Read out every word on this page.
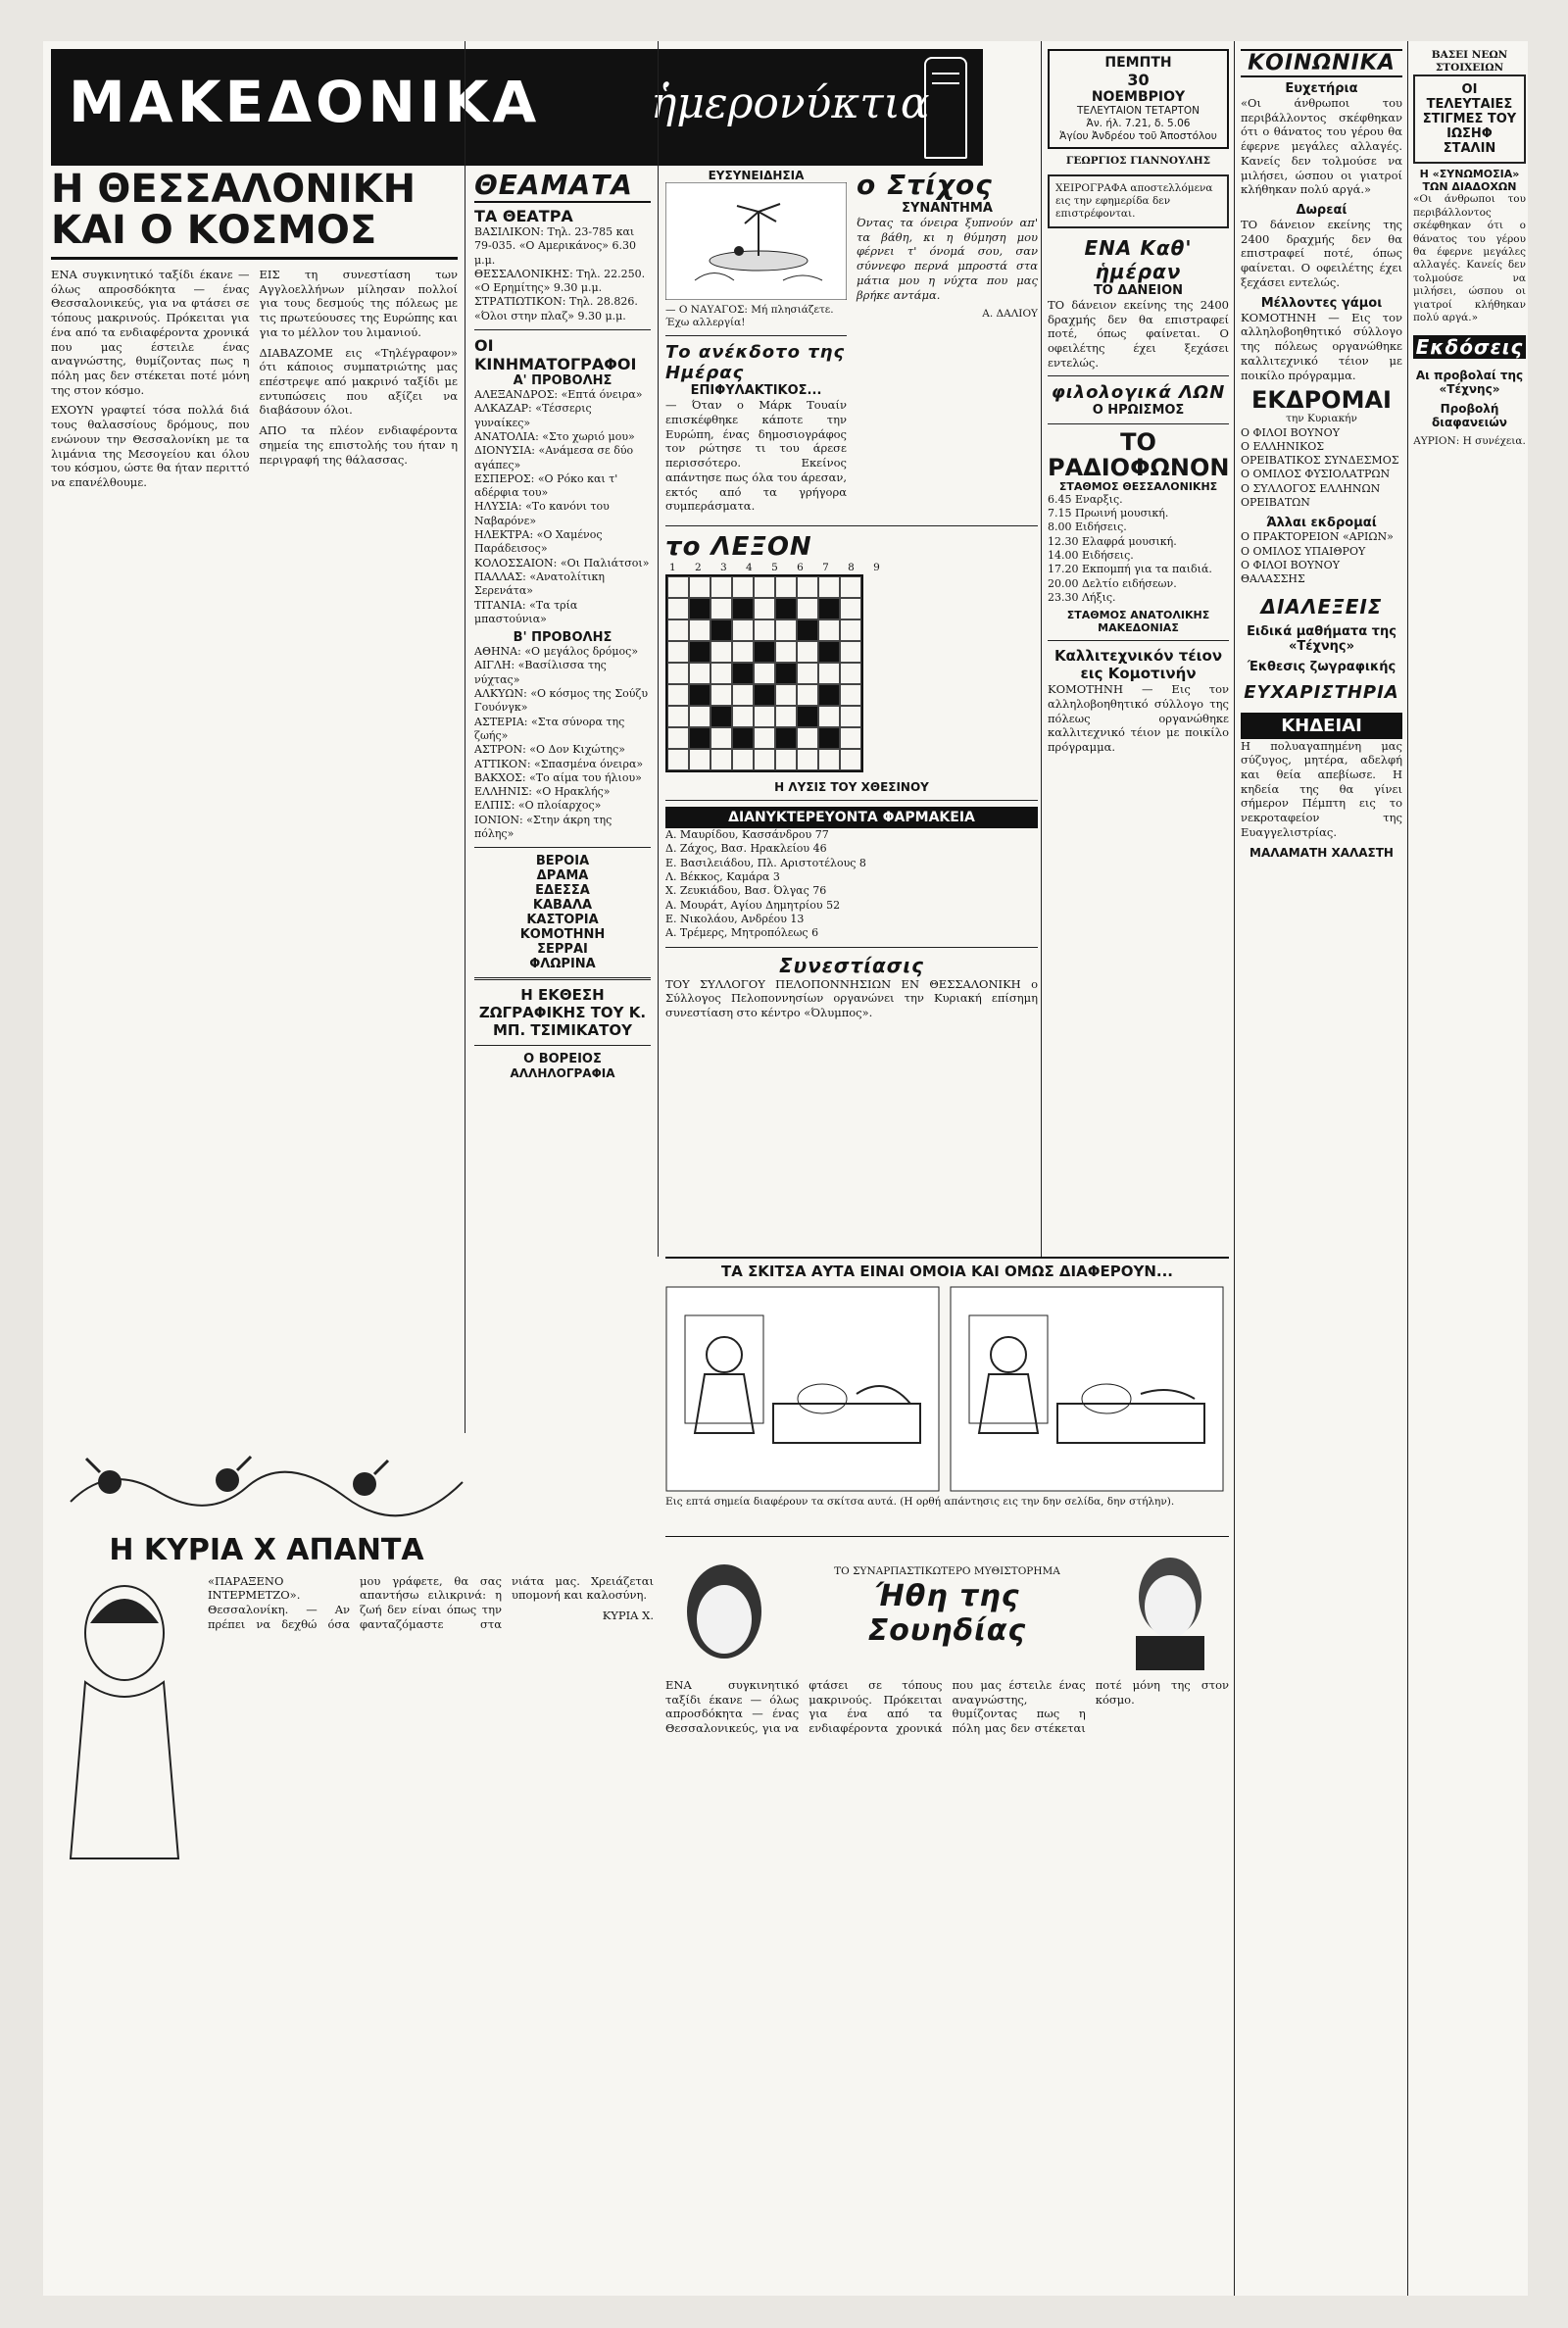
ΜΑΚΕΔΟΝΙΚΑ	ἡμερονύκτια
Η ΘΕΣΣΑΛΟΝΙΚΗ ΚΑΙ Ο ΚΟΣΜΟΣ

ΕΝΑ συγκινητικό ταξίδι έκανε — όλως απροσδόκητα — ένας Θεσσαλονικεύς, για να φτάσει σε τόπους μακρινούς. Πρόκειται για ένα από τα ενδιαφέροντα χρονικά που μας έστειλε ένας αναγνώστης, θυμίζοντας πως η πόλη μας δεν στέκεται ποτέ μόνη της στον κόσμο.

ΕΧΟΥΝ γραφτεί τόσα πολλά διά τους θαλασσίους δρόμους, που ενώνουν την Θεσσαλονίκη με τα λιμάνια της Μεσογείου και όλου του κόσμου, ώστε θα ήταν περιττό να επανέλθουμε.

ΕΙΣ τη συνεστίαση των Αγγλοελλήνων μίλησαν πολλοί για τους δεσμούς της πόλεως με τις πρωτεύουσες της Ευρώπης και για το μέλλον του λιμανιού.

ΔΙΑΒΑΖΟΜΕ εις «Τηλέγραφον» ότι κάποιος συμπατριώτης μας επέστρεψε από μακρινό ταξίδι με εντυπώσεις που αξίζει να διαβάσουν όλοι.

ΑΠΟ τα πλέον ενδιαφέροντα σημεία της επιστολής του ήταν η περιγραφή της θάλασσας.

Η ΚΥΡΙΑ Χ ΑΠΑΝΤΑ

«ΠΑΡΑΞΕΝΟ ΙΝΤΕΡΜΕΤΖΟ». Θεσσαλονίκη. — Αν πρέπει να δεχθώ όσα μου γράφετε, θα σας απαντήσω ειλικρινά: η ζωή δεν είναι όπως την φανταζόμαστε στα νιάτα μας. Χρειάζεται υπομονή και καλοσύνη.

ΚΥΡΙΑ Χ.

ΘΕΑΜΑΤΑ
ΤΑ ΘΕΑΤΡΑ
ΒΑΣΙΛΙΚΟΝ: Τηλ. 23-785 και 79-035. «Ο Αμερικάνος» 6.30 μ.μ.
ΘΕΣΣΑΛΟΝΙΚΗΣ: Τηλ. 22.250. «Ο Ερημίτης» 9.30 μ.μ.
ΣΤΡΑΤΙΩΤΙΚΟΝ: Τηλ. 28.826. «Όλοι στην πλαζ» 9.30 μ.μ.
ΟΙ ΚΙΝΗΜΑΤΟΓΡΑΦΟΙ
Α' ΠΡΟΒΟΛΗΣ
ΑΛΕΞΑΝΔΡΟΣ: «Επτά όνειρα»
ΑΛΚΑΖΑΡ: «Τέσσερις γυναίκες»
ΑΝΑΤΟΛΙΑ: «Στο χωριό μου»
ΔΙΟΝΥΣΙΑ: «Ανάμεσα σε δύο αγάπες»
ΕΣΠΕΡΟΣ: «Ο Ρόκο και τ' αδέρφια του»
ΗΛΥΣΙΑ: «Το κανόνι του Ναβαρόνε»
ΗΛΕΚΤΡΑ: «Ο Χαμένος Παράδεισος»
ΚΟΛΟΣΣΑΙΟΝ: «Οι Παλιάτσοι»
ΠΑΛΛΑΣ: «Ανατολίτικη Σερενάτα»
ΤΙΤΑΝΙΑ: «Τα τρία μπαστούνια»
Β' ΠΡΟΒΟΛΗΣ
ΑΘΗΝΑ: «Ο μεγάλος δρόμος»
ΑΙΓΛΗ: «Βασίλισσα της νύχτας»
ΑΛΚΥΩΝ: «Ο κόσμος της Σούζυ Γουόνγκ»
ΑΣΤΕΡΙΑ: «Στα σύνορα της ζωής»
ΑΣΤΡΟΝ: «Ο Δον Κιχώτης»
ΑΤΤΙΚΟΝ: «Σπασμένα όνειρα»
ΒΑΚΧΟΣ: «Το αίμα του ήλιου»
ΕΛΛΗΝΙΣ: «Ο Ηρακλής»
ΕΛΠΙΣ: «Ο πλοίαρχος»
ΙΟΝΙΟΝ: «Στην άκρη της πόλης»
ΒΕΡΟΙΑ
ΔΡΑΜΑ
ΕΔΕΣΣΑ
ΚΑΒΑΛΑ
ΚΑΣΤΟΡΙΑ
ΚΟΜΟΤΗΝΗ
ΣΕΡΡΑΙ
ΦΛΩΡΙΝΑ
Η ΕΚΘΕΣΗ ΖΩΓΡΑΦΙΚΗΣ ΤΟΥ Κ. ΜΠ. ΤΣΙΜΙΚΑΤΟΥ
Ο ΒΟΡΕΙΟΣ
ΑΛΛΗΛΟΓΡΑΦΙΑ
ΕΥΣΥΝΕΙΔΗΣΙΑ
— Ο ΝΑΥΑΓΟΣ: Μή πλησιάζετε. Έχω αλλεργία!
Το ανέκδοτο της Ημέρας
ΕΠΙΦΥΛΑΚΤΙΚΟΣ...

— Όταν ο Μάρκ Τουαίν επισκέφθηκε κάποτε την Ευρώπη, ένας δημοσιογράφος τον ρώτησε τι του άρεσε περισσότερο. Εκείνος απάντησε πως όλα του άρεσαν, εκτός από τα γρήγορα συμπεράσματα.

ο Στίχος
ΣΥΝΑΝΤΗΜΑ

Όντας τα όνειρα ξυπνούν απ' τα βάθη, κι η θύμηση μου φέρνει τ' όνομά σου, σαν σύννεφο περνά μπροστά στα μάτια μου η νύχτα που μας βρήκε αντάμα.

Α. ΔΑΛΙΟΥ
το ΛΕΞΟΝ
1 2 3 4 5 6 7 8 9
Η ΛΥΣΙΣ ΤΟΥ ΧΘΕΣΙΝΟΥ
ΔΙΑΝΥΚΤΕΡΕΥΟΝΤΑ ΦΑΡΜΑΚΕΙΑ
Α. Μαυρίδου, Κασσάνδρου 77
Δ. Ζάχος, Βασ. Ηρακλείου 46
Ε. Βασιλειάδου, Πλ. Αριστοτέλους 8
Λ. Βέκκος, Καμάρα 3
Χ. Ζευκιάδου, Βασ. Όλγας 76
Α. Μουράτ, Αγίου Δημητρίου 52
Ε. Νικολάου, Ανδρέου 13
Α. Τρέμερς, Μητροπόλεως 6
Συνεστίασις

ΤΟΥ ΣΥΛΛΟΓΟΥ ΠΕΛΟΠΟΝΝΗΣΙΩΝ ΕΝ ΘΕΣΣΑΛΟΝΙΚΗ ο Σύλλογος Πελοποννησίων οργανώνει την Κυριακή επίσημη συνεστίαση στο κέντρο «Όλυμπος».

ΠΕΜΠΤΗ
30
ΝΟΕΜΒΡΙΟΥ
ΤΕΛΕΥΤΑΙΟΝ ΤΕΤΑΡΤΟΝ
Άν. ήλ. 7.21, δ. 5.06
Ἁγίου Ἀνδρέου τοῦ Ἀποστόλου
ΓΕΩΡΓΙΟΣ ΓΙΑΝΝΟΥΛΗΣ
ΧΕΙΡΟΓΡΑΦΑ αποστελλόμενα εις την εφημερίδα δεν επιστρέφονται.
ΕΝΑ Καθ' ἡμέραν
ΤΟ ΔΑΝΕΙΟΝ

ΤΟ δάνειον εκείνης της 2400 δραχμής δεν θα επιστραφεί ποτέ, όπως φαίνεται. Ο οφειλέτης έχει ξεχάσει εντελώς.

φιλολογικά ΛΩΝ
Ο ΗΡΩΙΣΜΟΣ
ΤΟ ΡΑΔΙΟΦΩΝΟΝ
ΣΤΑΘΜΟΣ ΘΕΣΣΑΛΟΝΙΚΗΣ
6.45 Εναρξις.
7.15 Πρωινή μουσική.
8.00 Ειδήσεις.
12.30 Ελαφρά μουσική.
14.00 Ειδήσεις.
17.20 Εκπομπή για τα παιδιά.
20.00 Δελτίο ειδήσεων.
23.30 Λήξις.
ΣΤΑΘΜΟΣ ΑΝΑΤΟΛΙΚΗΣ ΜΑΚΕΔΟΝΙΑΣ
Καλλιτεχνικόν τέιον εις Κομοτινήν

ΚΟΜΟΤΗΝΗ — Εις τον αλληλοβοηθητικό σύλλογο της πόλεως οργανώθηκε καλλιτεχνικό τέιον με ποικίλο πρόγραμμα.

ΤΑ ΣΚΙΤΣΑ ΑΥΤΑ ΕΙΝΑΙ ΟΜΟΙΑ ΚΑΙ ΟΜΩΣ ΔΙΑΦΕΡΟΥΝ...
Εις επτά σημεία διαφέρουν τα σκίτσα αυτά. (Η ορθή απάντησις εις την δην σελίδα, δην στήλην).
ΤΟ ΣΥΝΑΡΠΑΣΤΙΚΩΤΕΡΟ ΜΥΘΙΣΤΟΡΗΜΑ
Ήθη της Σουηδίας

ΕΝΑ συγκινητικό ταξίδι έκανε — όλως απροσδόκητα — ένας Θεσσαλονικεύς, για να φτάσει σε τόπους μακρινούς. Πρόκειται για ένα από τα ενδιαφέροντα χρονικά που μας έστειλε ένας αναγνώστης, θυμίζοντας πως η πόλη μας δεν στέκεται ποτέ μόνη της στον κόσμο.

ΚΟΙΝΩΝΙΚΑ
Ευχετήρια

«Οι άνθρωποι του περιβάλλοντος σκέφθηκαν ότι ο θάνατος του γέρου θα έφερνε μεγάλες αλλαγές. Κανείς δεν τολμούσε να μιλήσει, ώσπου οι γιατροί κλήθηκαν πολύ αργά.»

Δωρεαί

ΤΟ δάνειον εκείνης της 2400 δραχμής δεν θα επιστραφεί ποτέ, όπως φαίνεται. Ο οφειλέτης έχει ξεχάσει εντελώς.

Μέλλοντες γάμοι

ΚΟΜΟΤΗΝΗ — Εις τον αλληλοβοηθητικό σύλλογο της πόλεως οργανώθηκε καλλιτεχνικό τέιον με ποικίλο πρόγραμμα.

ΕΚΔΡΟΜΑΙ
την Κυριακήν
Ο ΦΙΛΟΙ ΒΟΥΝΟΥ
Ο ΕΛΛΗΝΙΚΟΣ ΟΡΕΙΒΑΤΙΚΟΣ ΣΥΝΔΕΣΜΟΣ
Ο ΟΜΙΛΟΣ ΦΥΣΙΟΛΑΤΡΩΝ
Ο ΣΥΛΛΟΓΟΣ ΕΛΛΗΝΩΝ ΟΡΕΙΒΑΤΩΝ
Άλλαι εκδρομαί
Ο ΠΡΑΚΤΟΡΕΙΟΝ «ΑΡΙΩΝ»
Ο ΟΜΙΛΟΣ ΥΠΑΙΘΡΟΥ
Ο ΦΙΛΟΙ ΒΟΥΝΟΥ ΘΑΛΑΣΣΗΣ
ΔΙΑΛΕΞΕΙΣ
Ειδικά μαθήματα της «Τέχνης»
Έκθεσις ζωγραφικής
ΕΥΧΑΡΙΣΤΗΡΙΑ
ΚΗΔΕΙΑΙ

Η πολυαγαπημένη μας σύζυγος, μητέρα, αδελφή και θεία απεβίωσε. Η κηδεία της θα γίνει σήμερον Πέμπτη εις το νεκροταφείον της Ευαγγελιστρίας.

ΜΑΛΑΜΑΤΗ ΧΑΛΑΣΤΗ
ΒΑΣΕΙ ΝΕΩΝ ΣΤΟΙΧΕΙΩΝ
ΟΙ ΤΕΛΕΥΤΑΙΕΣ ΣΤΙΓΜΕΣ ΤΟΥ ΙΩΣΗΦ ΣΤΑΛΙΝ
Η «ΣΥΝΩΜΟΣΙΑ»
ΤΩΝ ΔΙΑΔΟΧΩΝ

«Οι άνθρωποι του περιβάλλοντος σκέφθηκαν ότι ο θάνατος του γέρου θα έφερνε μεγάλες αλλαγές. Κανείς δεν τολμούσε να μιλήσει, ώσπου οι γιατροί κλήθηκαν πολύ αργά.»

Εκδόσεις
Αι προβολαί της «Τέχνης»
Προβολή διαφανειών
ΑΥΡΙΟΝ: Η συνέχεια.
